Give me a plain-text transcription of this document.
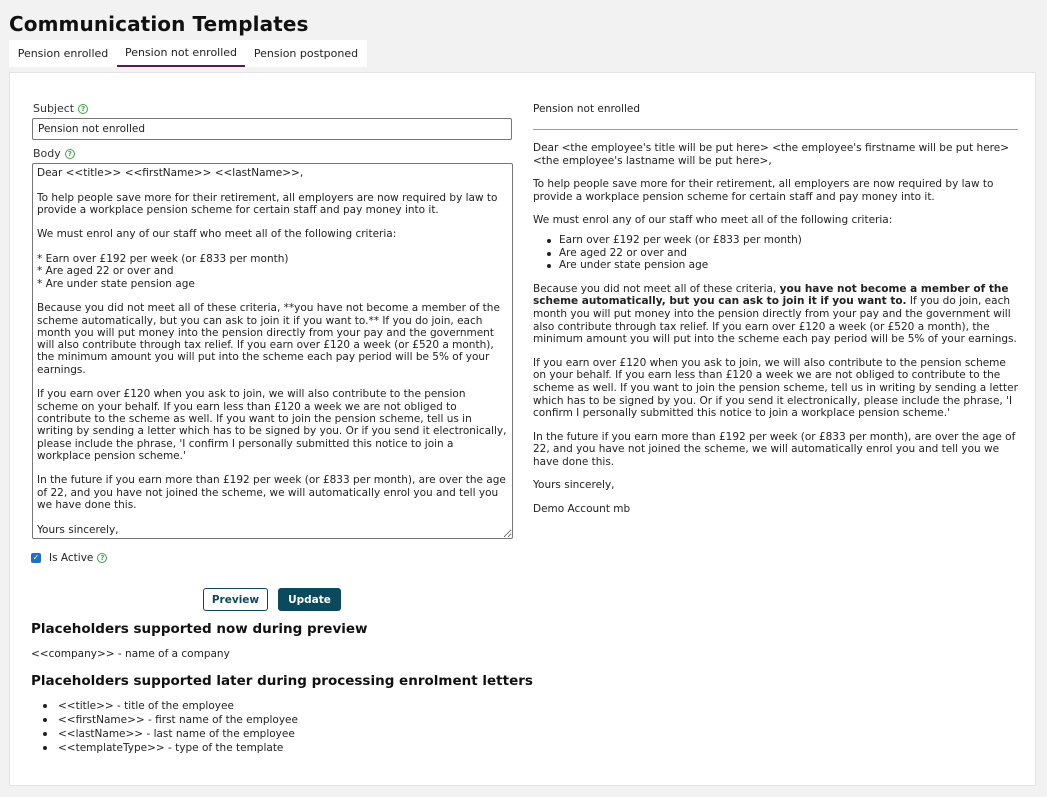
Communication Templates
Pension enrolled	Pension not enrolled	Pension postponed
Subject ?
Pension not enrolled
Body ?
Dear <<title>> <<firstName>> <<lastName>>, To help people save more for their retirement, all employers are now required by law to provide a workplace pension scheme for certain staff and pay money into it. We must enrol any of our staff who meet all of the following criteria: * Earn over £192 per week (or £833 per month) * Are aged 22 or over and * Are under state pension age Because you did not meet all of these criteria, **you have not become a member of the scheme automatically, but you can ask to join it if you want to.** If you do join, each month you will put money into the pension directly from your pay and the government will also contribute through tax relief. If you earn over £120 a week (or £520 a month), the minimum amount you will put into the scheme each pay period will be 5% of your earnings. If you earn over £120 when you ask to join, we will also contribute to the pension scheme on your behalf. If you earn less than £120 a week we are not obliged to contribute to the scheme as well. If you want to join the pension scheme, tell us in writing by sending a letter which has to be signed by you. Or if you send it electronically, please include the phrase, 'I confirm I personally submitted this notice to join a workplace pension scheme.' In the future if you earn more than £192 per week (or £833 per month), are over the age of 22, and you have not joined the scheme, we will automatically enrol you and tell you we have done this. Yours sincerely, <<company>>
✓ Is Active ?
Preview	Update
Placeholders supported now during preview
<<company>> - name of a company
Placeholders supported later during processing enrolment letters
<<title>> - title of the employee
<<firstName>> - first name of the employee
<<lastName>> - last name of the employee
<<templateType>> - type of the template
Pension not enrolled

Dear <the employee's title will be put here> <the employee's firstname will be put here> <the employee's lastname will be put here>,

To help people save more for their retirement, all employers are now required by law to provide a workplace pension scheme for certain staff and pay money into it.

We must enrol any of our staff who meet all of the following criteria:

Earn over £192 per week (or £833 per month)
Are aged 22 or over and
Are under state pension age

Because you did not meet all of these criteria, you have not become a member of the scheme automatically, but you can ask to join it if you want to. If you do join, each month you will put money into the pension directly from your pay and the government will also contribute through tax relief. If you earn over £120 a week (or £520 a month), the minimum amount you will put into the scheme each pay period will be 5% of your earnings.

If you earn over £120 when you ask to join, we will also contribute to the pension scheme on your behalf. If you earn less than £120 a week we are not obliged to contribute to the scheme as well. If you want to join the pension scheme, tell us in writing by sending a letter which has to be signed by you. Or if you send it electronically, please include the phrase, 'I confirm I personally submitted this notice to join a workplace pension scheme.'

In the future if you earn more than £192 per week (or £833 per month), are over the age of 22, and you have not joined the scheme, we will automatically enrol you and tell you we have done this.

Yours sincerely,

Demo Account mb
